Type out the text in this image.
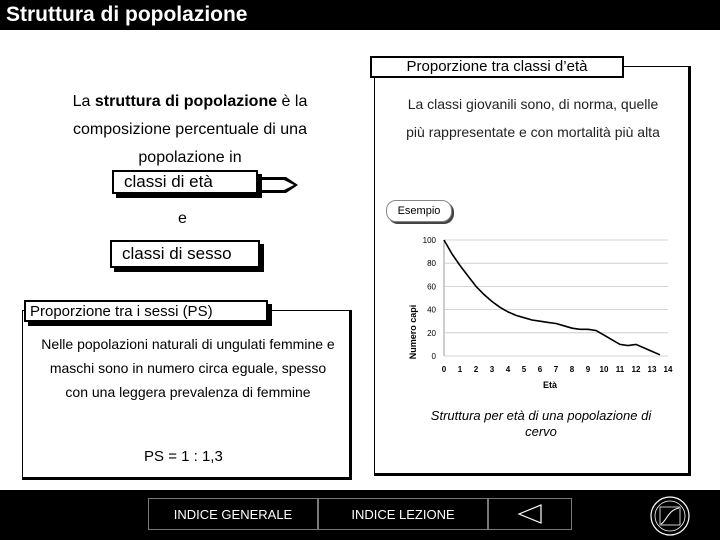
Struttura di popolazione
La struttura di popolazione è la composizione percentuale di una popolazione in
classi di età
e
classi di sesso
Proporzione tra i sessi (PS)
Nelle popolazioni naturali di ungulati femmine e maschi sono in numero circa eguale, spesso con una leggera prevalenza di femmine
PS = 1 : 1,3
Proporzione tra classi d’età
La classi giovanili sono, di norma, quelle
più rappresentate e con mortalità più alta
Esempio
0
20
40
60
80
100
0 1 2 3 4 5 6 7 8 9 10 11 12 13 14
Numero capi
Età
Struttura per età di una popolazione di cervo
INDICE GENERALE	INDICE LEZIONE
